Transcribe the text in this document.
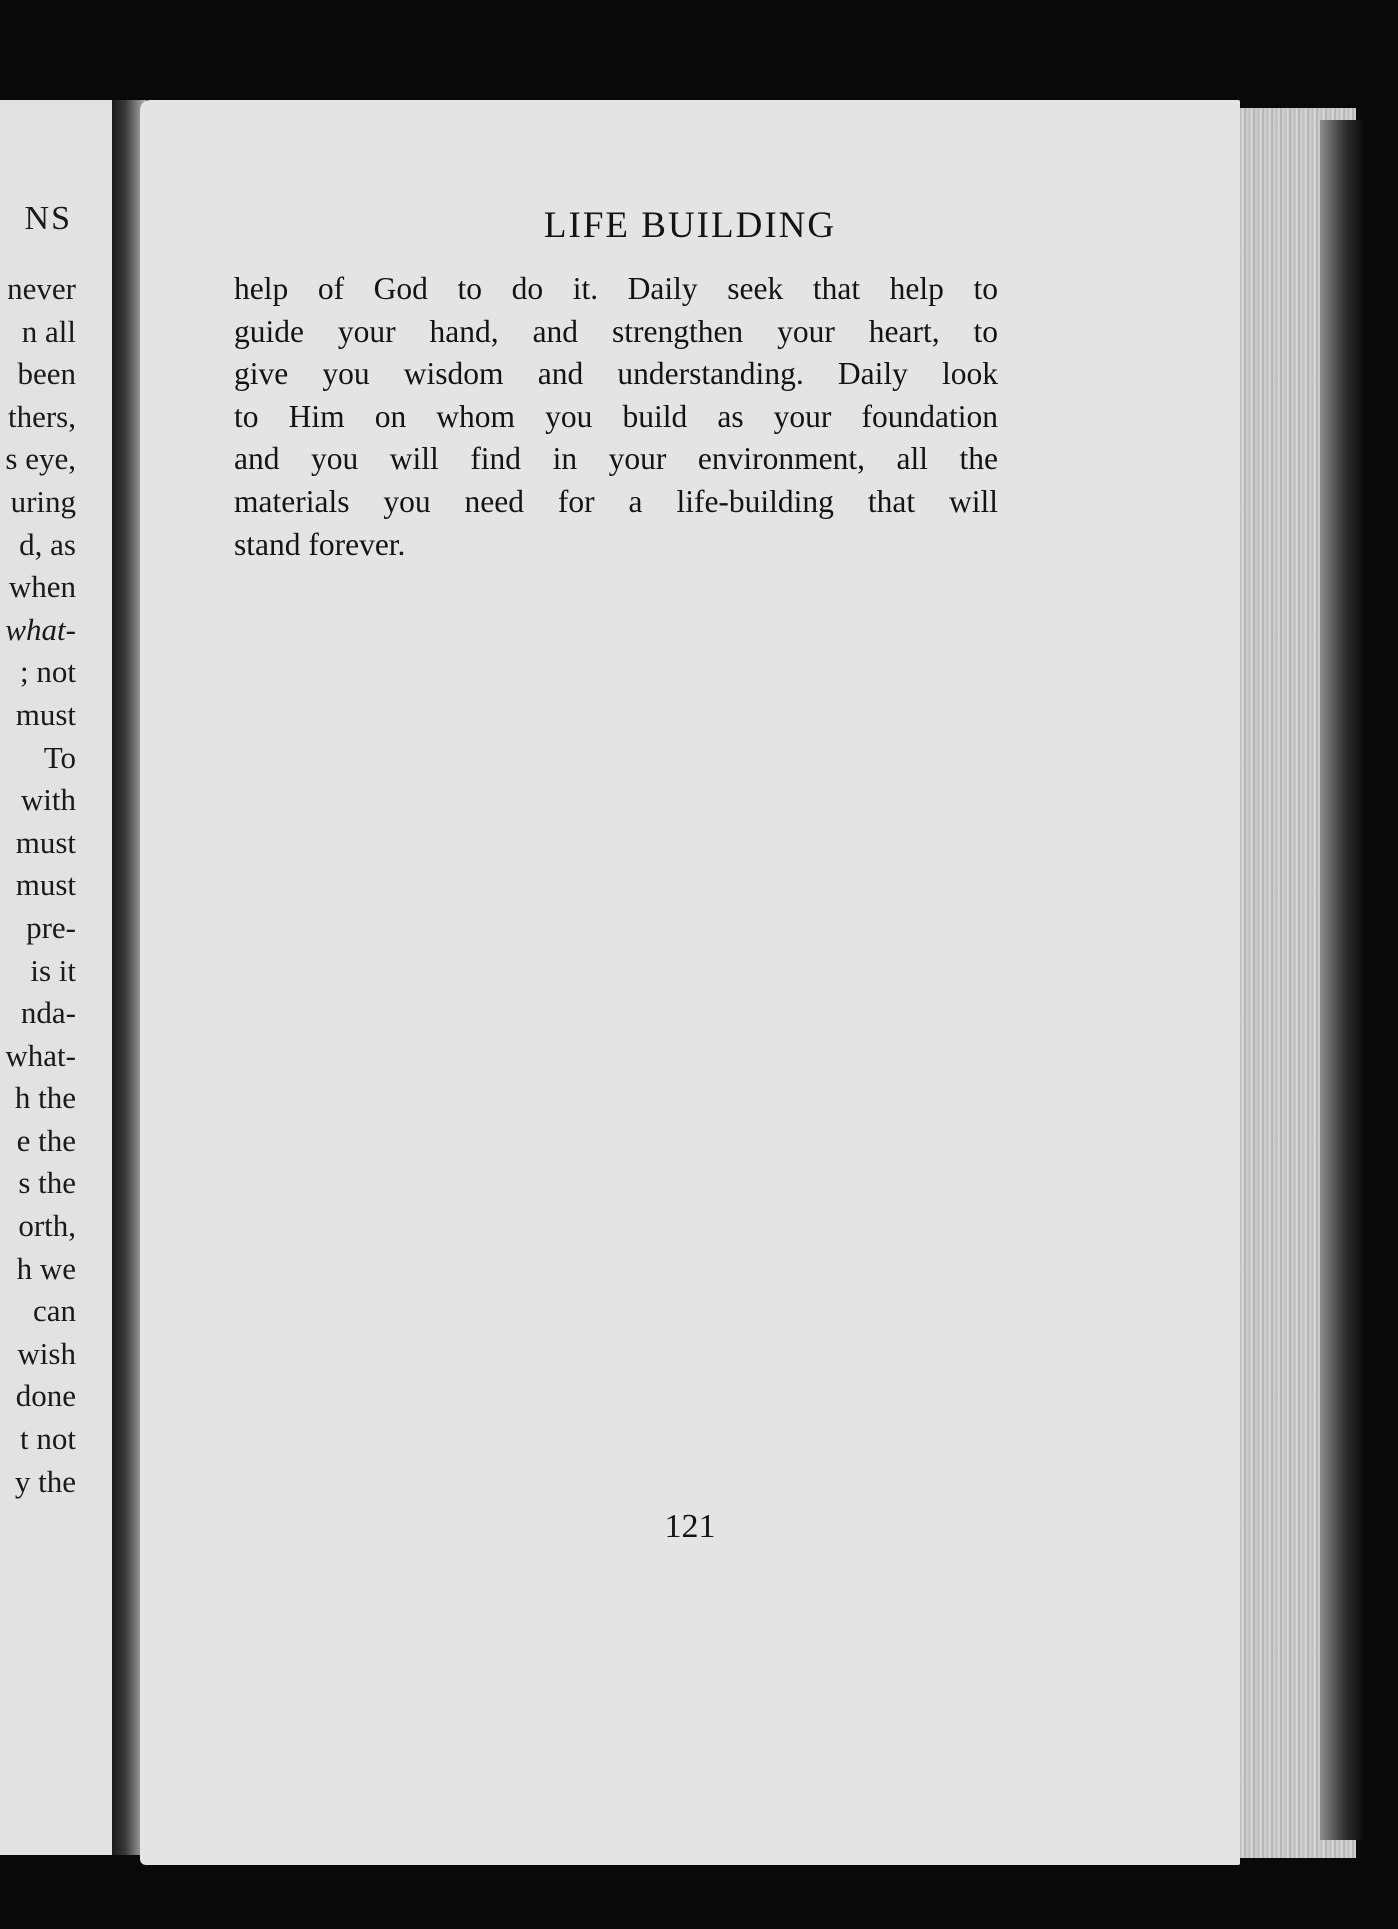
NS
never
n all
been
thers,
s eye,
uring
d, as
when
what-
; not
must
To
with
must
must
pre-
is it
nda-
what-
h the
e the
s the
orth,
h we
can
wish
done
t not
y the
LIFE BUILDING
help of God to do it. Daily seek that help to
guide your hand, and strengthen your heart, to
give you wisdom and understanding. Daily look
to Him on whom you build as your foundation
and you will find in your environment, all the
materials you need for a life-building that will
stand forever.
121
